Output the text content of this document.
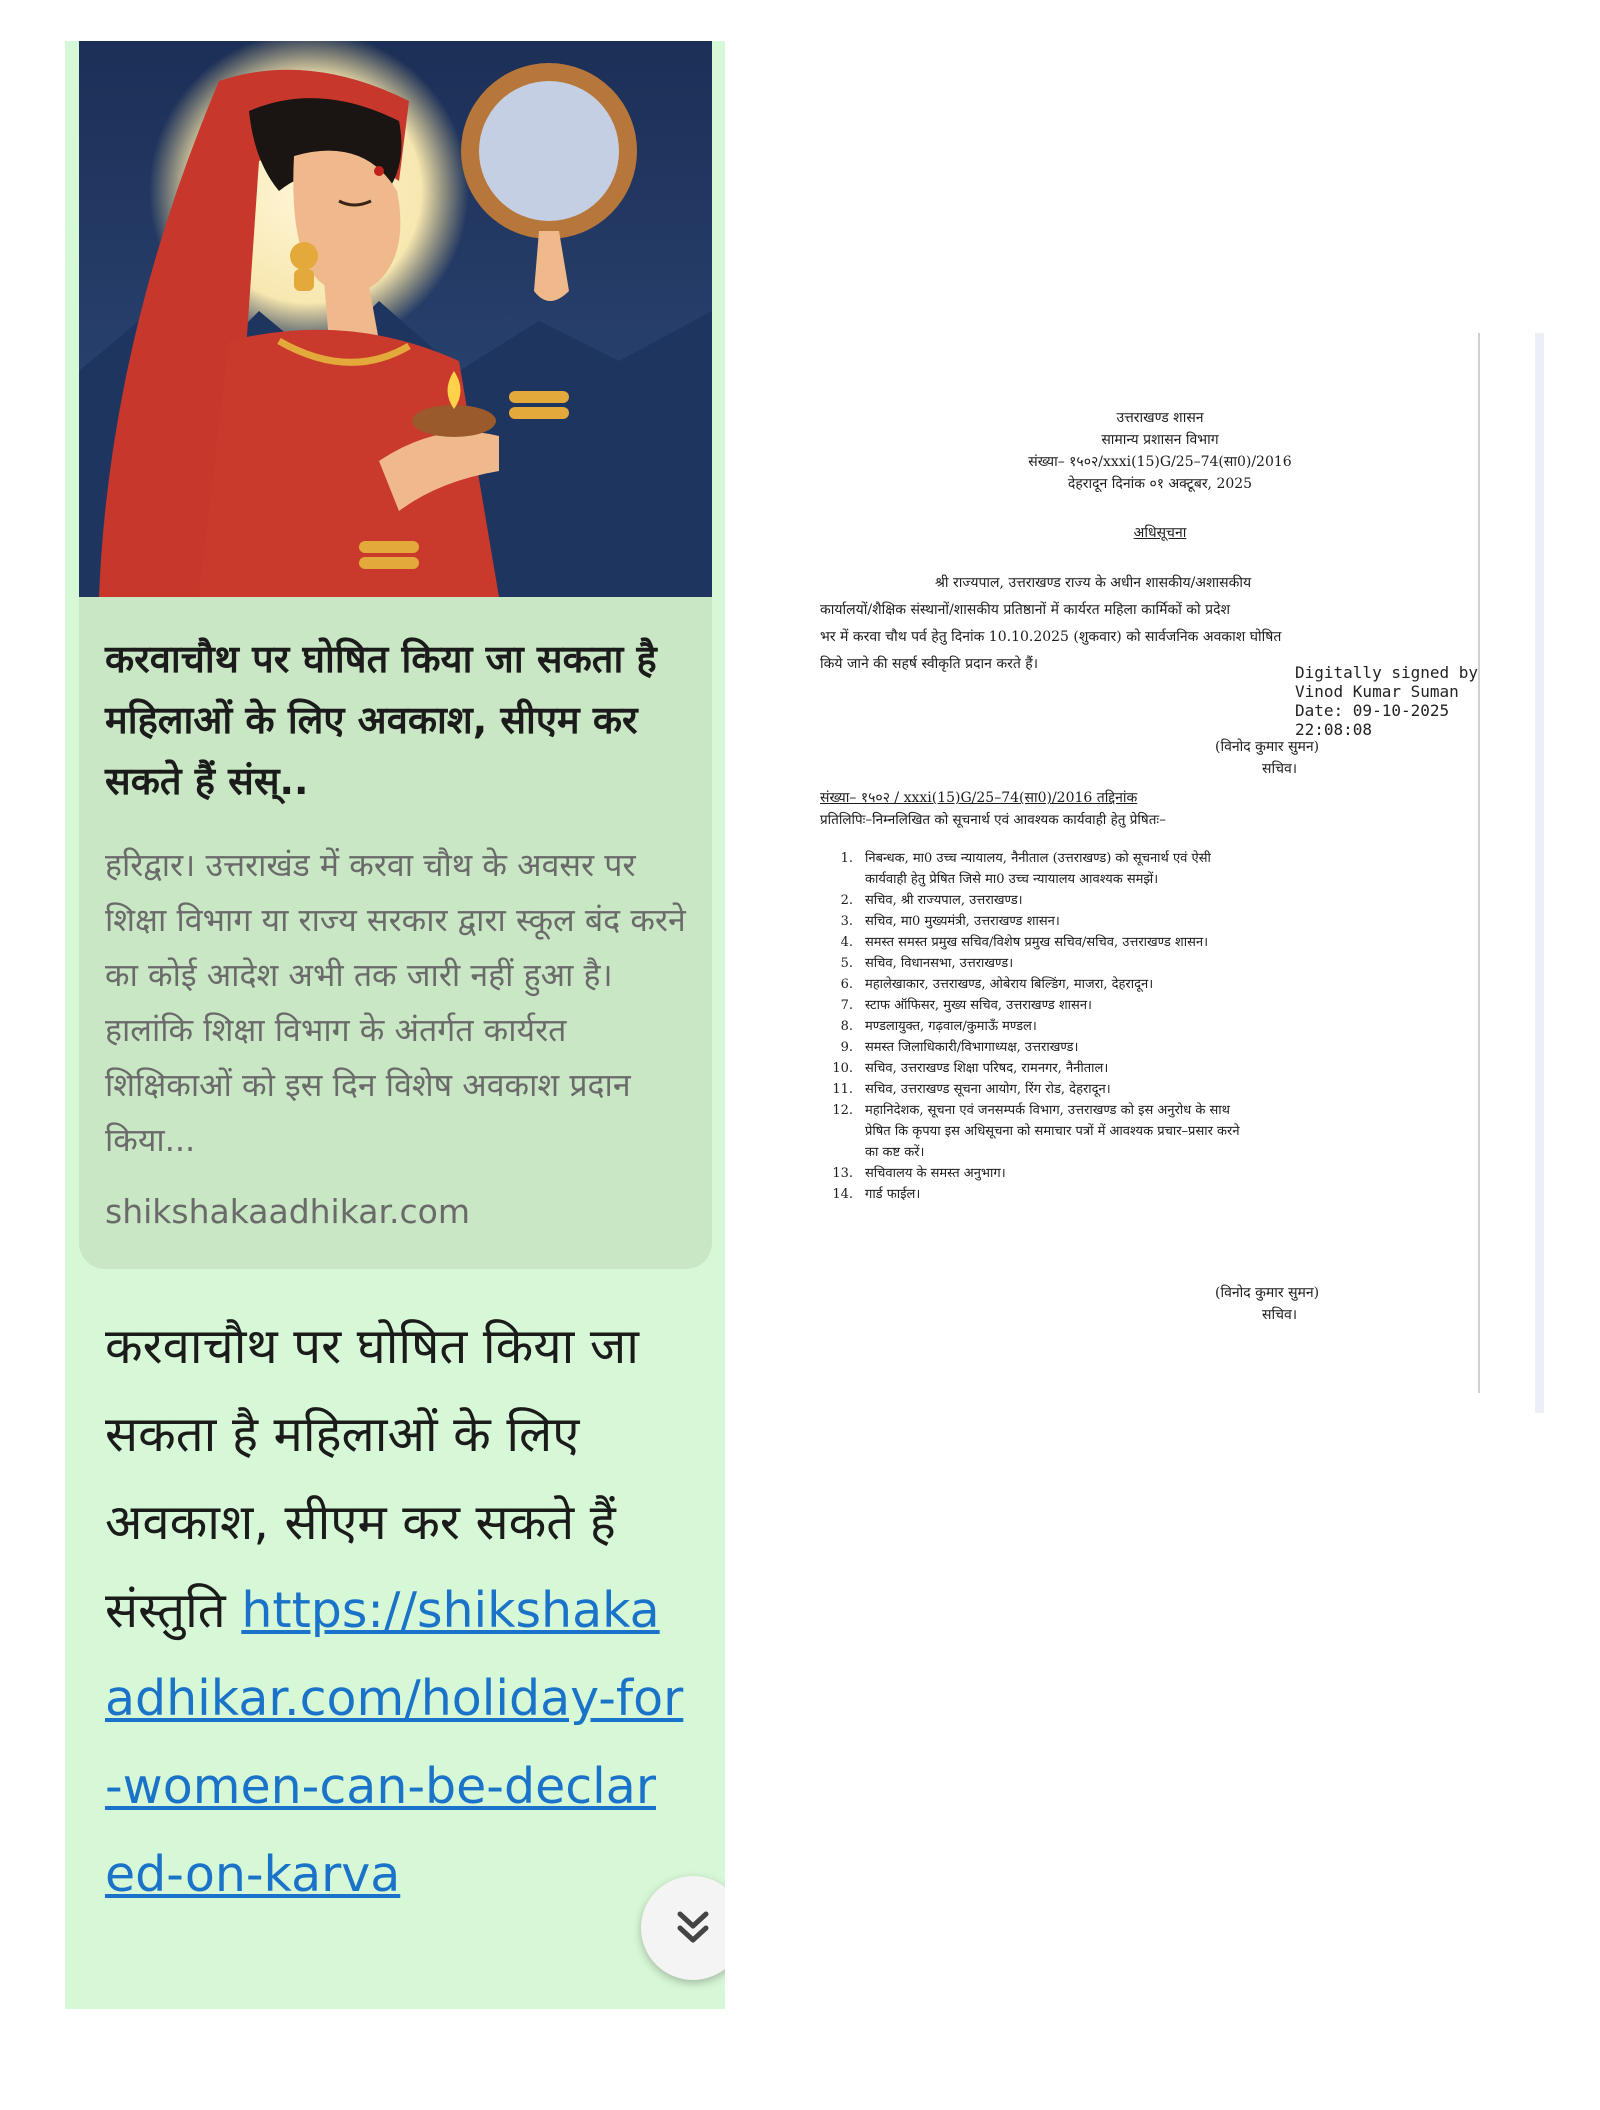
करवाचौथ पर घोषित किया जा सकता है महिलाओं के लिए अवकाश, सीएम कर सकते हैं संस्..

हरिद्वार। उत्तराखंड में करवा चौथ के अवसर पर शिक्षा विभाग या राज्य सरकार द्वारा स्कूल बंद करने का कोई आदेश अभी तक जारी नहीं हुआ है। हालांकि शिक्षा विभाग के अंतर्गत कार्यरत शिक्षिकाओं को इस दिन विशेष अवकाश प्रदान किया...

shikshakaadhikar.com
करवाचौथ पर घोषित किया जा सकता है महिलाओं के लिए अवकाश, सीएम कर सकते हैं संस्तुति https://shikshakaadhikar.com/holiday-for-women-can-be-declared-on-karva
उत्तराखण्ड शासन
सामान्य प्रशासन विभाग
संख्या– १५०२/xxxi(15)G/25–74(सा0)/2016
देहरादून दिनांक ०१ अक्टूबर, 2025
अधिसूचना
श्री राज्यपाल, उत्तराखण्ड राज्य के अधीन शासकीय/अशासकीय
कार्यालयों/शैक्षिक संस्थानों/शासकीय प्रतिष्ठानों में कार्यरत महिला कार्मिकों को प्रदेश
भर में करवा चौथ पर्व हेतु दिनांक 10.10.2025 (शुकवार) को सार्वजनिक अवकाश घोषित
किये जाने की सहर्ष स्वीकृति प्रदान करते हैं।	Digitally signed by
Vinod Kumar Suman
Date: 09-10-2025
22:08:08
(विनोद कुमार सुमन)
सचिव।
संख्या– १५०२ / xxxi(15)G/25–74(सा0)/2016 तद्दिनांक
प्रतिलिपिः–निम्नलिखित को सूचनार्थ एवं आवश्यक कार्यवाही हेतु प्रेषितः–
1. निबन्धक, मा0 उच्च न्यायालय, नैनीताल (उत्तराखण्ड) को सूचनार्थ एवं ऐसी कार्यवाही हेतु प्रेषित जिसे मा0 उच्च न्यायालय आवश्यक समझें।
2. सचिव, श्री राज्यपाल, उत्तराखण्ड।
3. सचिव, मा0 मुख्यमंत्री, उत्तराखण्ड शासन।
4. समस्त समस्त प्रमुख सचिव/विशेष प्रमुख सचिव/सचिव, उत्तराखण्ड शासन।
5. सचिव, विधानसभा, उत्तराखण्ड।
6. महालेखाकार, उत्तराखण्ड, ओबेराय बिल्डिंग, माजरा, देहरादून।
7. स्टाफ ऑफिसर, मुख्य सचिव, उत्तराखण्ड शासन।
8. मण्डलायुक्त, गढ़वाल/कुमाऊँ मण्डल।
9. समस्त जिलाधिकारी/विभागाध्यक्ष, उत्तराखण्ड।
10. सचिव, उत्तराखण्ड शिक्षा परिषद, रामनगर, नैनीताल।
11. सचिव, उत्तराखण्ड सूचना आयोग, रिंग रोड, देहरादून।
12. महानिदेशक, सूचना एवं जनसम्पर्क विभाग, उत्तराखण्ड को इस अनुरोध के साथ प्रेषित कि कृपया इस अधिसूचना को समाचार पत्रों में आवश्यक प्रचार–प्रसार करने का कष्ट करें।
13. सचिवालय के समस्त अनुभाग।
14. गार्ड फाईल।
(विनोद कुमार सुमन)
सचिव।
